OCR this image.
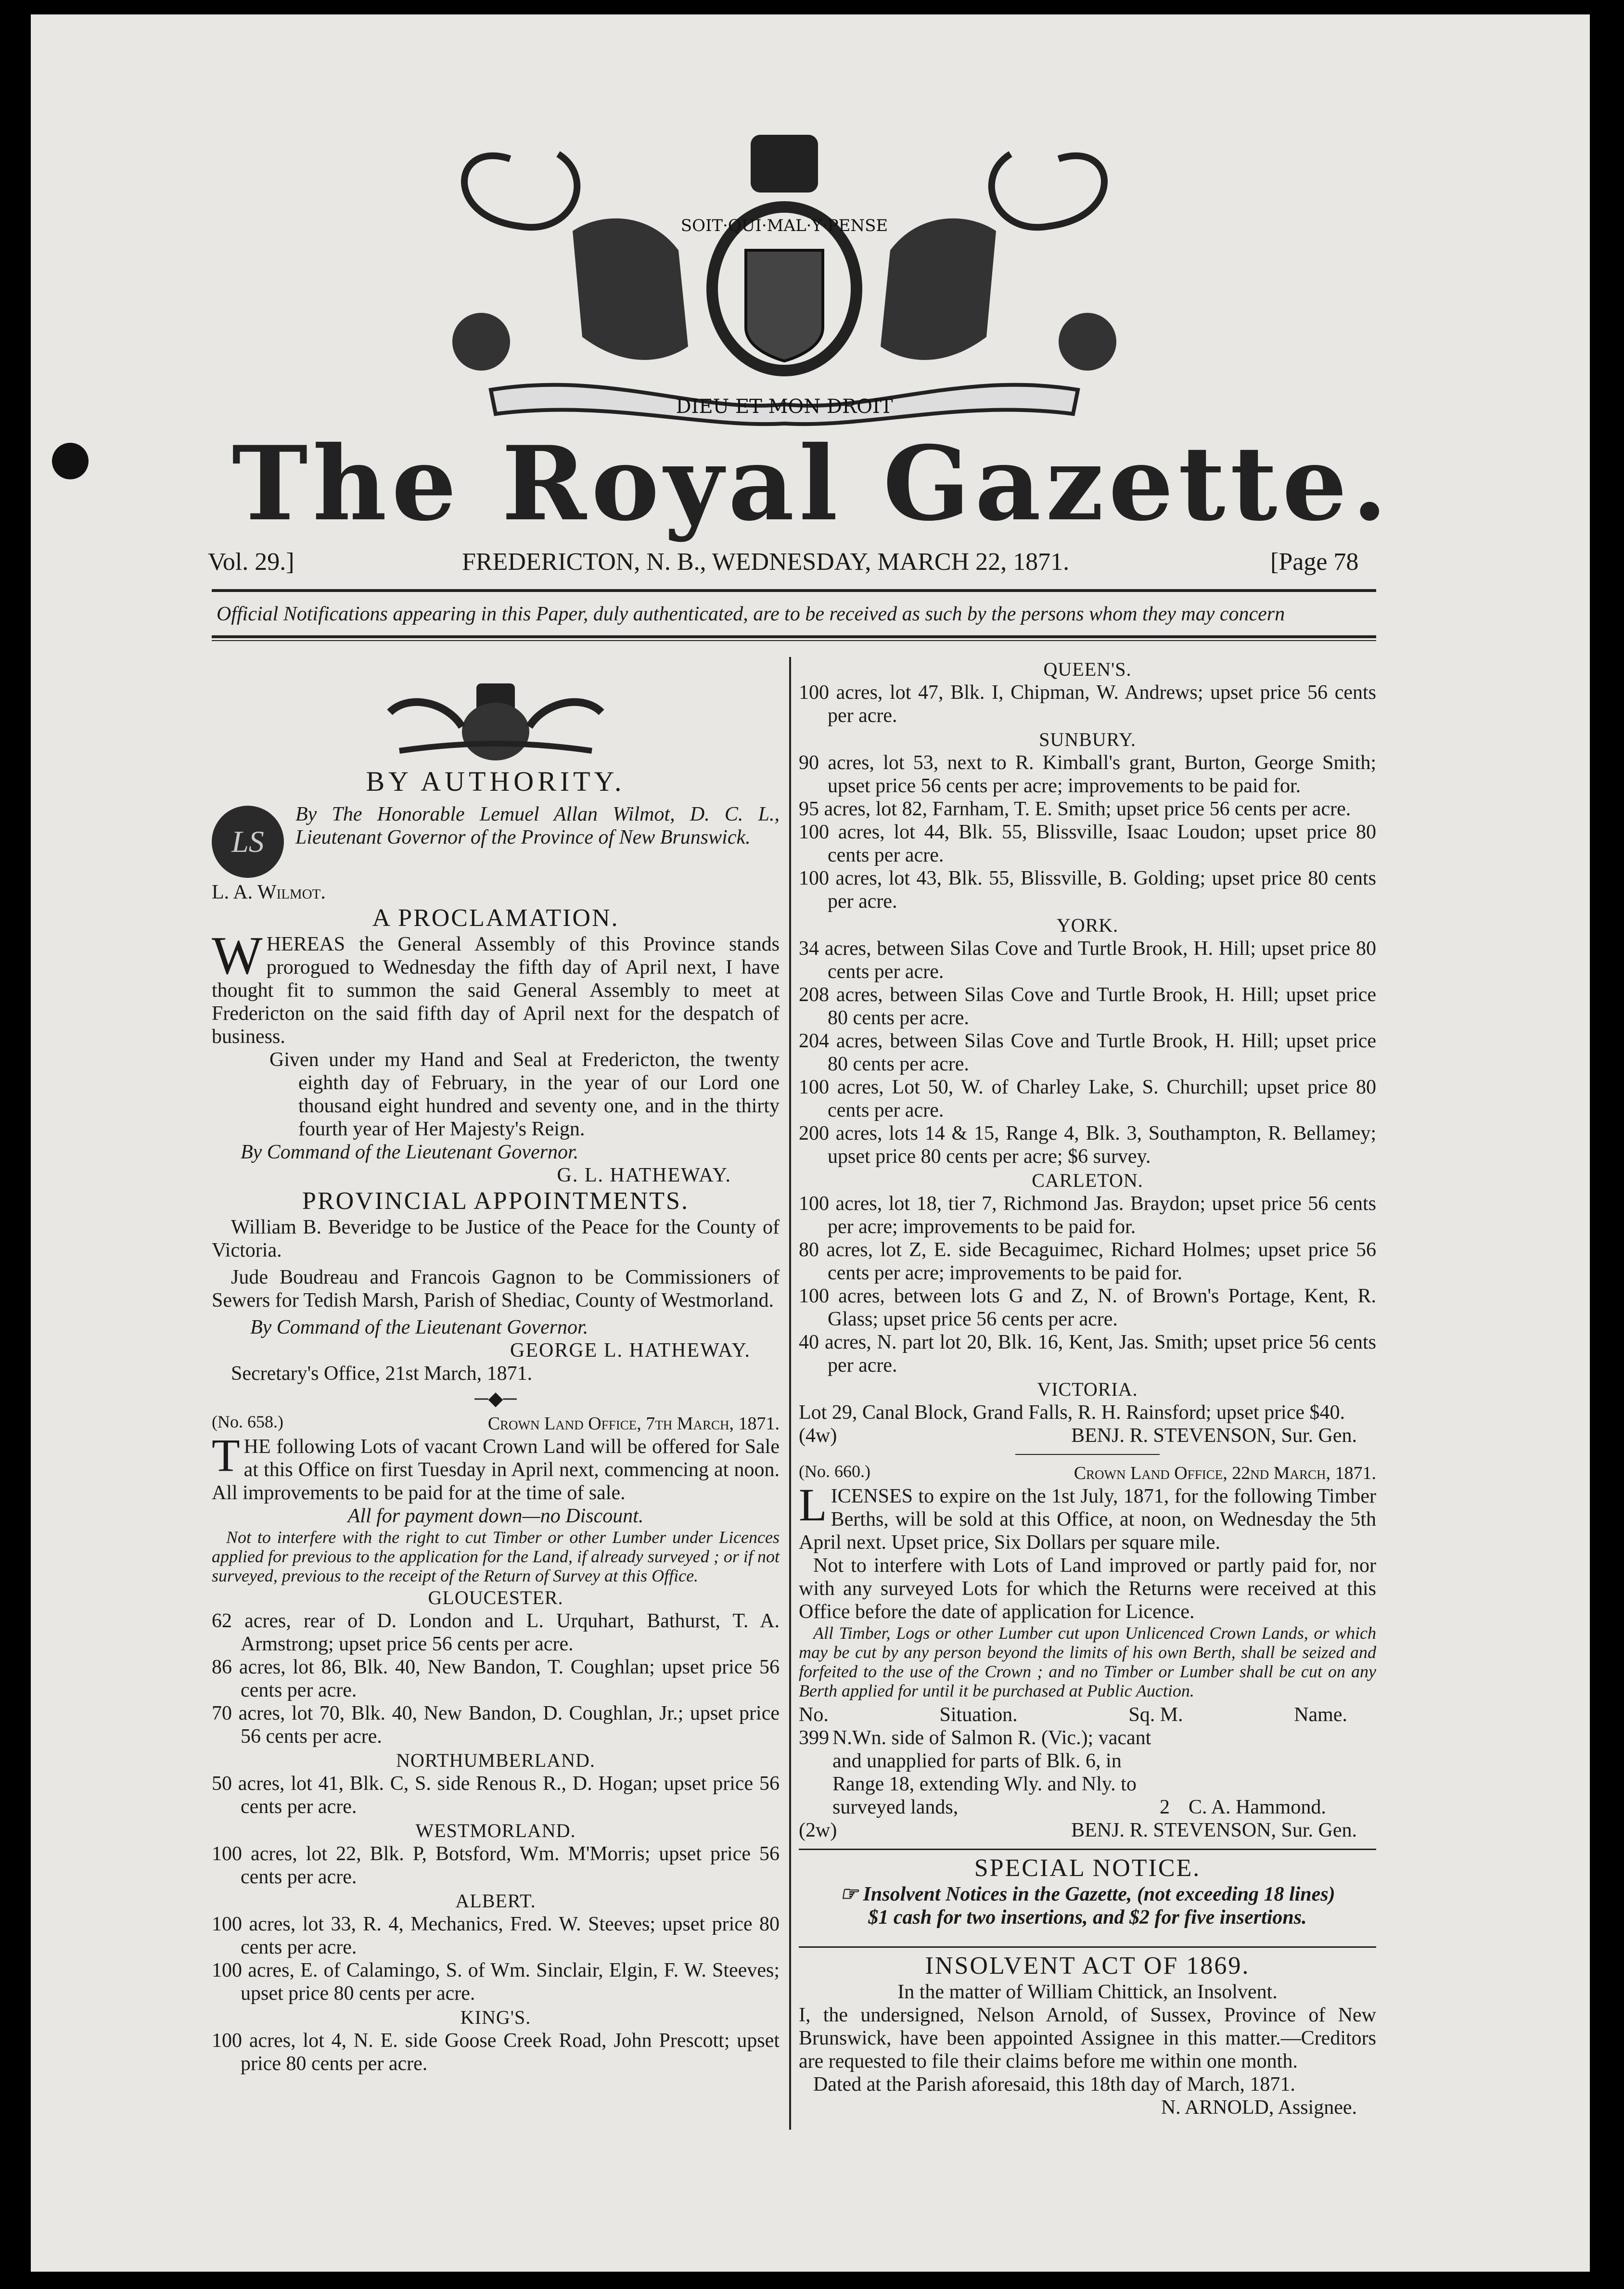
SOIT·QUI·MAL·Y·PENSE
DIEU ET MON DROIT
The Royal Gazette.
Vol. 29.]	FREDERICTON, N. B., WEDNESDAY, MARCH 22, 1871.	[Page 78
Official Notifications appearing in this Paper, duly authenticated, are to be received as such by the persons whom they may concern
BY AUTHORITY.
LS

By The Honorable Lemuel Allan Wilmot, D. C. L., Lieutenant Governor of the Province of New Brunswick.

L. A. Wilmot.
A PROCLAMATION.
W HEREAS the General Assembly of this Province stands prorogued to Wednesday the fifth day of April next, I have thought fit to summon the said General Assembly to meet at Fredericton on the said fifth day of April next for the despatch of business.

Given under my Hand and Seal at Fredericton, the twenty eighth day of February, in the year of our Lord one thousand eight hundred and seventy one, and in the thirty fourth year of Her Majesty's Reign.

By Command of the Lieutenant Governor.

G. L. HATHEWAY.
PROVINCIAL APPOINTMENTS.

William B. Beveridge to be Justice of the Peace for the County of Victoria.

Jude Boudreau and Francois Gagnon to be Commissioners of Sewers for Tedish Marsh, Parish of Shediac, County of Westmorland.

By Command of the Lieutenant Governor.

GEORGE L. HATHEWAY.
Secretary's Office, 21st March, 1871.
─◆─
(No. 658.)	Crown Land Office, 7th March, 1871.
T HE following Lots of vacant Crown Land will be offered for Sale at this Office on first Tuesday in April next, commencing at noon. All improvements to be paid for at the time of sale.

All for payment down—no Discount.

Not to interfere with the right to cut Timber or other Lumber under Licences applied for previous to the application for the Land, if already surveyed ; or if not surveyed, previous to the receipt of the Return of Survey at this Office.

GLOUCESTER.

62 acres, rear of D. London and L. Urquhart, Bathurst, T. A. Armstrong; upset price 56 cents per acre.

86 acres, lot 86, Blk. 40, New Bandon, T. Coughlan; upset price 56 cents per acre.

70 acres, lot 70, Blk. 40, New Bandon, D. Coughlan, Jr.; upset price 56 cents per acre.

NORTHUMBERLAND.

50 acres, lot 41, Blk. C, S. side Renous R., D. Hogan; upset price 56 cents per acre.

WESTMORLAND.

100 acres, lot 22, Blk. P, Botsford, Wm. M'Morris; upset price 56 cents per acre.

ALBERT.

100 acres, lot 33, R. 4, Mechanics, Fred. W. Steeves; upset price 80 cents per acre.

100 acres, E. of Calamingo, S. of Wm. Sinclair, Elgin, F. W. Steeves; upset price 80 cents per acre.

KING'S.

100 acres, lot 4, N. E. side Goose Creek Road, John Prescott; upset price 80 cents per acre.

QUEEN'S.

100 acres, lot 47, Blk. I, Chipman, W. Andrews; upset price 56 cents per acre.

SUNBURY.

90 acres, lot 53, next to R. Kimball's grant, Burton, George Smith; upset price 56 cents per acre; improvements to be paid for.

95 acres, lot 82, Farnham, T. E. Smith; upset price 56 cents per acre.

100 acres, lot 44, Blk. 55, Blissville, Isaac Loudon; upset price 80 cents per acre.

100 acres, lot 43, Blk. 55, Blissville, B. Golding; upset price 80 cents per acre.

YORK.

34 acres, between Silas Cove and Turtle Brook, H. Hill; upset price 80 cents per acre.

208 acres, between Silas Cove and Turtle Brook, H. Hill; upset price 80 cents per acre.

204 acres, between Silas Cove and Turtle Brook, H. Hill; upset price 80 cents per acre.

100 acres, Lot 50, W. of Charley Lake, S. Churchill; upset price 80 cents per acre.

200 acres, lots 14 & 15, Range 4, Blk. 3, Southampton, R. Bellamey; upset price 80 cents per acre; $6 survey.

CARLETON.

100 acres, lot 18, tier 7, Richmond Jas. Braydon; upset price 56 cents per acre; improvements to be paid for.

80 acres, lot Z, E. side Becaguimec, Richard Holmes; upset price 56 cents per acre; improvements to be paid for.

100 acres, between lots G and Z, N. of Brown's Portage, Kent, R. Glass; upset price 56 cents per acre.

40 acres, N. part lot 20, Blk. 16, Kent, Jas. Smith; upset price 56 cents per acre.

VICTORIA.

Lot 29, Canal Block, Grand Falls, R. H. Rainsford; upset price $40.

(4w)	BENJ. R. STEVENSON, Sur. Gen.
(No. 660.)	Crown Land Office, 22nd March, 1871.
L ICENSES to expire on the 1st July, 1871, for the following Timber Berths, will be sold at this Office, at noon, on Wednesday the 5th April next. Upset price, Six Dollars per square mile.

Not to interfere with Lots of Land improved or partly paid for, nor with any surveyed Lots for which the Returns were received at this Office before the date of application for Licence.

All Timber, Logs or other Lumber cut upon Unlicenced Crown Lands, or which may be cut by any person beyond the limits of his own Berth, shall be seized and forfeited to the use of the Crown ; and no Timber or Lumber shall be cut on any Berth applied for until it be purchased at Public Auction.

No.	Situation.	Sq. M.	Name.
399 N.Wn. side of Salmon R. (Vic.); vacant and unapplied for parts of Blk. 6, in Range 18, extending Wly. and Nly. to surveyed lands,	2 C. A. Hammond.
(2w)	BENJ. R. STEVENSON, Sur. Gen.
SPECIAL NOTICE.
☞ Insolvent Notices in the Gazette, (not exceeding 18 lines)
$1 cash for two insertions, and $2 for five insertions.
INSOLVENT ACT OF 1869.
In the matter of William Chittick, an Insolvent.

I, the undersigned, Nelson Arnold, of Sussex, Province of New Brunswick, have been appointed Assignee in this matter.—Creditors are requested to file their claims before me within one month.

Dated at the Parish aforesaid, this 18th day of March, 1871.

N. ARNOLD, Assignee.
